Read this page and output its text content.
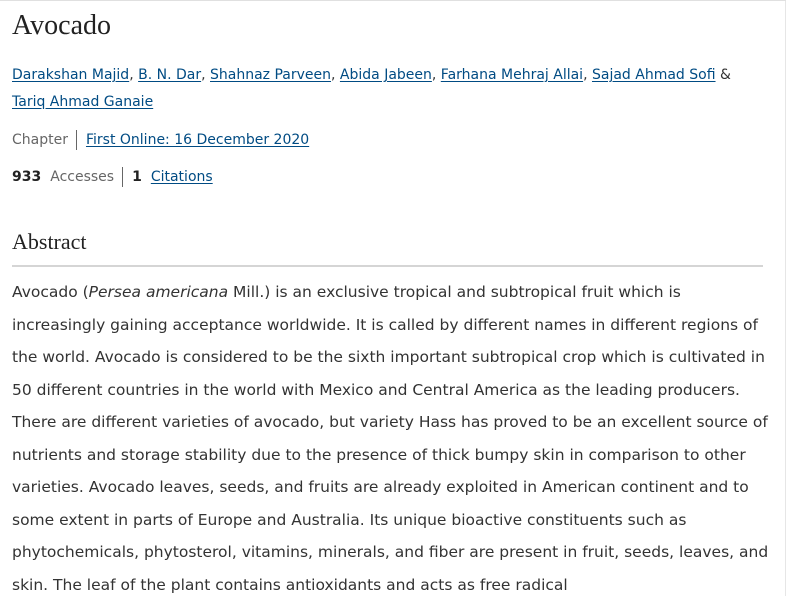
Avocado
Darakshan Majid, B. N. Dar, Shahnaz Parveen, Abida Jabeen, Farhana Mehraj Allai, Sajad Ahmad Sofi &
Tariq Ahmad Ganaie
Chapter First Online: 16 December 2020
933 Accesses 1 Citations
Abstract

Avocado (Persea americana Mill.) is an exclusive tropical and subtropical fruit which is increasingly gaining acceptance worldwide. It is called by different names in different regions of the world. Avocado is considered to be the sixth important subtropical crop which is cultivated in 50 different countries in the world with Mexico and Central America as the leading producers. There are different varieties of avocado, but variety Hass has proved to be an excellent source of nutrients and storage stability due to the presence of thick bumpy skin in comparison to other varieties. Avocado leaves, seeds, and fruits are already exploited in American continent and to some extent in parts of Europe and Australia. Its unique bioactive constituents such as phytochemicals, phytosterol, vitamins, minerals, and fiber are present in fruit, seeds, leaves, and skin. The leaf of the plant contains antioxidants and acts as free radical
